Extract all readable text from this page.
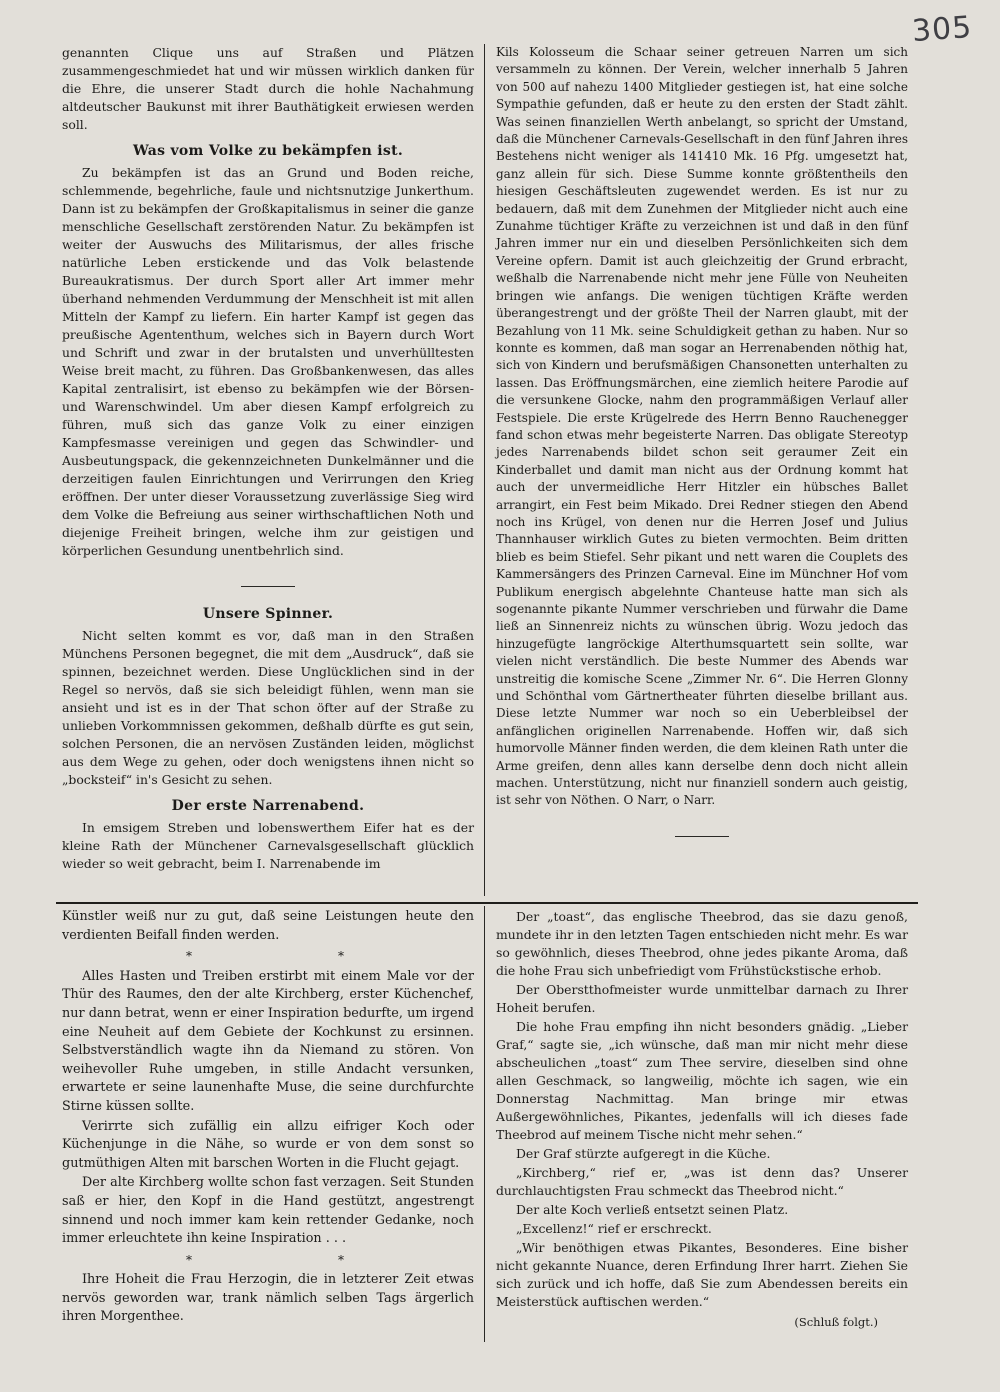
305

genannten Clique uns auf Straßen und Plätzen zusammengeschmiedet hat und wir müssen wirklich danken für die Ehre, die unserer Stadt durch die hohle Nachahmung altdeutscher Baukunst mit ihrer Bauthätigkeit erwiesen werden soll.

Was vom Volke zu bekämpfen ist.

Zu bekämpfen ist das an Grund und Boden reiche, schlemmende, begehrliche, faule und nichtsnutzige Junkerthum. Dann ist zu bekämpfen der Großkapitalismus in seiner die ganze menschliche Gesellschaft zerstörenden Natur. Zu bekämpfen ist weiter der Auswuchs des Militarismus, der alles frische natürliche Leben erstickende und das Volk belastende Bureaukratismus. Der durch Sport aller Art immer mehr überhand nehmenden Verdummung der Menschheit ist mit allen Mitteln der Kampf zu liefern. Ein harter Kampf ist gegen das preußische Agententhum, welches sich in Bayern durch Wort und Schrift und zwar in der brutalsten und unverhülltesten Weise breit macht, zu führen. Das Großbankenwesen, das alles Kapital zentralisirt, ist ebenso zu bekämpfen wie der Börsen- und Warenschwindel. Um aber diesen Kampf erfolgreich zu führen, muß sich das ganze Volk zu einer einzigen Kampfesmasse vereinigen und gegen das Schwindler- und Ausbeutungspack, die gekennzeichneten Dunkelmänner und die derzeitigen faulen Einrichtungen und Verirrungen den Krieg eröffnen. Der unter dieser Voraussetzung zuverlässige Sieg wird dem Volke die Befreiung aus seiner wirthschaftlichen Noth und diejenige Freiheit bringen, welche ihm zur geistigen und körperlichen Gesundung unentbehrlich sind.

Unsere Spinner.

Nicht selten kommt es vor, daß man in den Straßen Münchens Personen begegnet, die mit dem „Ausdruck“, daß sie spinnen, bezeichnet werden. Diese Unglücklichen sind in der Regel so nervös, daß sie sich beleidigt fühlen, wenn man sie ansieht und ist es in der That schon öfter auf der Straße zu unlieben Vorkommnissen gekommen, deßhalb dürfte es gut sein, solchen Personen, die an nervösen Zuständen leiden, möglichst aus dem Wege zu gehen, oder doch wenigstens ihnen nicht so „bocksteif“ in's Gesicht zu sehen.

Der erste Narrenabend.

In emsigem Streben und lobenswerthem Eifer hat es der kleine Rath der Münchener Carnevalsgesellschaft glücklich wieder so weit gebracht, beim I. Narrenabende im

Kils Kolosseum die Schaar seiner getreuen Narren um sich versammeln zu können. Der Verein, welcher innerhalb 5 Jahren von 500 auf nahezu 1400 Mitglieder gestiegen ist, hat eine solche Sympathie gefunden, daß er heute zu den ersten der Stadt zählt. Was seinen finanziellen Werth anbelangt, so spricht der Umstand, daß die Münchener Carnevals-Gesellschaft in den fünf Jahren ihres Bestehens nicht weniger als 141410 Mk. 16 Pfg. umgesetzt hat, ganz allein für sich. Diese Summe konnte größtentheils den hiesigen Geschäftsleuten zugewendet werden. Es ist nur zu bedauern, daß mit dem Zunehmen der Mitglieder nicht auch eine Zunahme tüchtiger Kräfte zu verzeichnen ist und daß in den fünf Jahren immer nur ein und dieselben Persönlichkeiten sich dem Vereine opfern. Damit ist auch gleichzeitig der Grund erbracht, weßhalb die Narrenabende nicht mehr jene Fülle von Neuheiten bringen wie anfangs. Die wenigen tüchtigen Kräfte werden überangestrengt und der größte Theil der Narren glaubt, mit der Bezahlung von 11 Mk. seine Schuldigkeit gethan zu haben. Nur so konnte es kommen, daß man sogar an Herrenabenden nöthig hat, sich von Kindern und berufsmäßigen Chansonetten unterhalten zu lassen. Das Eröffnungsmärchen, eine ziemlich heitere Parodie auf die versunkene Glocke, nahm den programmäßigen Verlauf aller Festspiele. Die erste Krügelrede des Herrn Benno Rauchenegger fand schon etwas mehr begeisterte Narren. Das obligate Stereotyp jedes Narrenabends bildet schon seit geraumer Zeit ein Kinderballet und damit man nicht aus der Ordnung kommt hat auch der unvermeidliche Herr Hitzler ein hübsches Ballet arrangirt, ein Fest beim Mikado. Drei Redner stiegen den Abend noch ins Krügel, von denen nur die Herren Josef und Julius Thannhauser wirklich Gutes zu bieten vermochten. Beim dritten blieb es beim Stiefel. Sehr pikant und nett waren die Couplets des Kammersängers des Prinzen Carneval. Eine im Münchner Hof vom Publikum energisch abgelehnte Chanteuse hatte man sich als sogenannte pikante Nummer verschrieben und fürwahr die Dame ließ an Sinnenreiz nichts zu wünschen übrig. Wozu jedoch das hinzugefügte langröckige Alterthumsquartett sein sollte, war vielen nicht verständlich. Die beste Nummer des Abends war unstreitig die komische Scene „Zimmer Nr. 6“. Die Herren Glonny und Schönthal vom Gärtnertheater führten dieselbe brillant aus. Diese letzte Nummer war noch so ein Ueberbleibsel der anfänglichen originellen Narrenabende. Hoffen wir, daß sich humorvolle Männer finden werden, die dem kleinen Rath unter die Arme greifen, denn alles kann derselbe denn doch nicht allein machen. Unterstützung, nicht nur finanziell sondern auch geistig, ist sehr von Nöthen. O Narr, o Narr.

Künstler weiß nur zu gut, daß seine Leistungen heute den verdienten Beifall finden werden.

*	*

Alles Hasten und Treiben erstirbt mit einem Male vor der Thür des Raumes, den der alte Kirchberg, erster Küchenchef, nur dann betrat, wenn er einer Inspiration bedurfte, um irgend eine Neuheit auf dem Gebiete der Kochkunst zu ersinnen. Selbstverständlich wagte ihn da Niemand zu stören. Von weihevoller Ruhe umgeben, in stille Andacht versunken, erwartete er seine launenhafte Muse, die seine durchfurchte Stirne küssen sollte.

Verirrte sich zufällig ein allzu eifriger Koch oder Küchenjunge in die Nähe, so wurde er von dem sonst so gutmüthigen Alten mit barschen Worten in die Flucht gejagt.

Der alte Kirchberg wollte schon fast verzagen. Seit Stunden saß er hier, den Kopf in die Hand gestützt, angestrengt sinnend und noch immer kam kein rettender Gedanke, noch immer erleuchtete ihn keine Inspiration . . .

*	*

Ihre Hoheit die Frau Herzogin, die in letzterer Zeit etwas nervös geworden war, trank nämlich selben Tags ärgerlich ihren Morgenthee.

Der „toast“, das englische Theebrod, das sie dazu genoß, mundete ihr in den letzten Tagen entschieden nicht mehr. Es war so gewöhnlich, dieses Theebrod, ohne jedes pikante Aroma, daß die hohe Frau sich unbefriedigt vom Frühstückstische erhob.

Der Oberstthofmeister wurde unmittelbar darnach zu Ihrer Hoheit berufen.

Die hohe Frau empfing ihn nicht besonders gnädig. „Lieber Graf,“ sagte sie, „ich wünsche, daß man mir nicht mehr diese abscheulichen „toast“ zum Thee servire, dieselben sind ohne allen Geschmack, so langweilig, möchte ich sagen, wie ein Donnerstag Nachmittag. Man bringe mir etwas Außergewöhnliches, Pikantes, jedenfalls will ich dieses fade Theebrod auf meinem Tische nicht mehr sehen.“

Der Graf stürzte aufgeregt in die Küche.

„Kirchberg,“ rief er, „was ist denn das? Unserer durchlauchtigsten Frau schmeckt das Theebrod nicht.“

Der alte Koch verließ entsetzt seinen Platz.

„Excellenz!“ rief er erschreckt.

„Wir benöthigen etwas Pikantes, Besonderes. Eine bisher nicht gekannte Nuance, deren Erfindung Ihrer harrt. Ziehen Sie sich zurück und ich hoffe, daß Sie zum Abendessen bereits ein Meisterstück auftischen werden.“

(Schluß folgt.)
